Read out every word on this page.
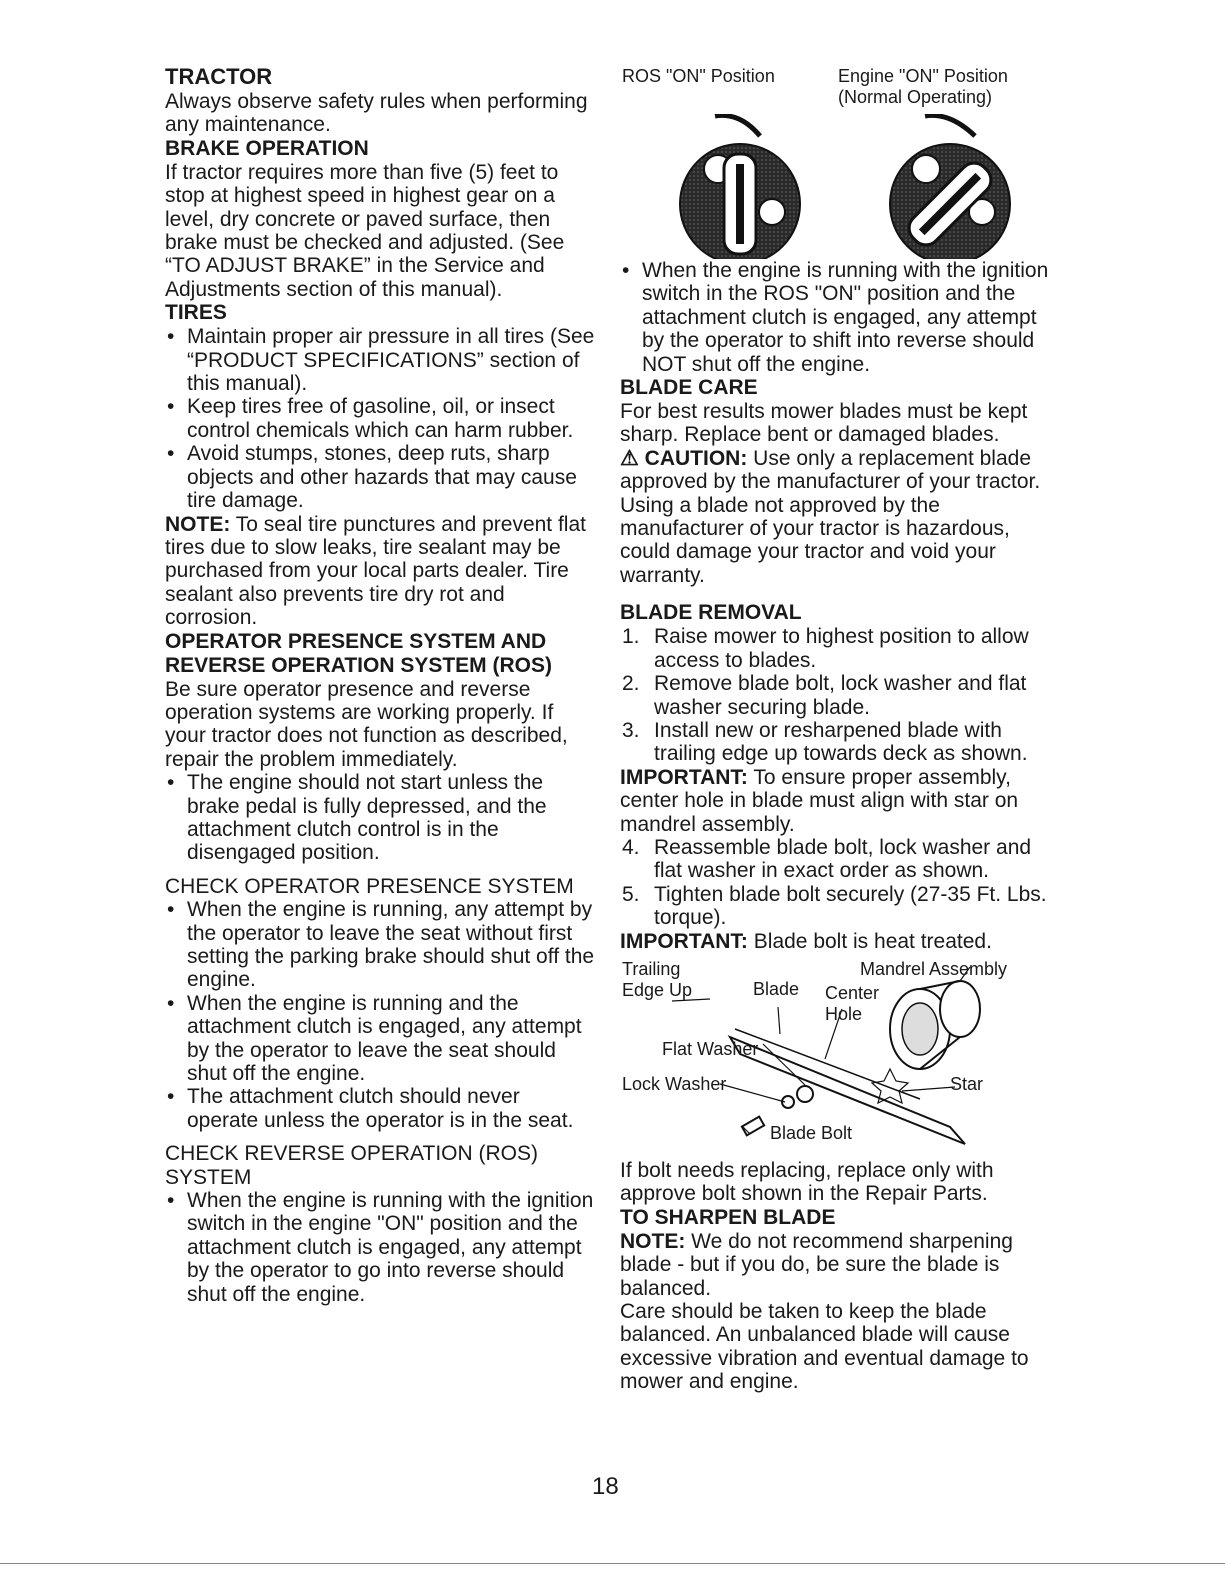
TRACTOR

Always observe safety rules when performing any maintenance.

BRAKE OPERATION

If tractor requires more than five (5) feet to stop at highest speed in highest gear on a level, dry concrete or paved surface, then brake must be checked and adjusted. (See “TO ADJUST BRAKE” in the Service and Adjustments section of this manual).

TIRES
• Maintain proper air pressure in all tires (See “PRODUCT SPECIFICATIONS” section of this manual).
• Keep tires free of gasoline, oil, or insect control chemicals which can harm rubber.
• Avoid stumps, stones, deep ruts, sharp objects and other hazards that may cause tire damage.

NOTE: To seal tire punctures and prevent flat tires due to slow leaks, tire sealant may be purchased from your local parts dealer. Tire sealant also prevents tire dry rot and corrosion.

OPERATOR PRESENCE SYSTEM AND REVERSE OPERATION SYSTEM (ROS)

Be sure operator presence and reverse operation systems are working properly. If your tractor does not function as described, repair the problem immediately.

• The engine should not start unless the brake pedal is fully depressed, and the attachment clutch control is in the disengaged position.

CHECK OPERATOR PRESENCE SYSTEM

• When the engine is running, any attempt by the operator to leave the seat without first setting the parking brake should shut off the engine.
• When the engine is running and the attachment clutch is engaged, any attempt by the operator to leave the seat should shut off the engine.
• The attachment clutch should never operate unless the operator is in the seat.

CHECK REVERSE OPERATION (ROS) SYSTEM

• When the engine is running with the ignition switch in the engine "ON" position and the attachment clutch is engaged, any attempt by the operator to go into reverse should shut off the engine.
ROS "ON" Position	Engine "ON" Position
(Normal Operating)
• When the engine is running with the ignition switch in the ROS "ON" position and the attachment clutch is engaged, any attempt by the operator to shift into reverse should NOT shut off the engine.
BLADE CARE

For best results mower blades must be kept sharp. Replace bent or damaged blades.

⚠︎ CAUTION: Use only a replacement blade approved by the manufacturer of your tractor. Using a blade not approved by the manufacturer of your tractor is hazardous, could damage your tractor and void your warranty.

BLADE REMOVAL
1. Raise mower to highest position to allow access to blades.
2. Remove blade bolt, lock washer and flat washer securing blade.
3. Install new or resharpened blade with trailing edge up towards deck as shown.

IMPORTANT: To ensure proper assembly, center hole in blade must align with star on mandrel assembly.

4. Reassemble blade bolt, lock washer and flat washer in exact order as shown.
5. Tighten blade bolt securely (27-35 Ft. Lbs. torque).

IMPORTANT: Blade bolt is heat treated.

Trailing
Edge Up	Blade
Mandrel Assembly
Center
Hole
Flat Washer
Lock Washer	Star
Blade Bolt

If bolt needs replacing, replace only with approve bolt shown in the Repair Parts.

TO SHARPEN BLADE

NOTE: We do not recommend sharpening blade - but if you do, be sure the blade is balanced.

Care should be taken to keep the blade balanced. An unbalanced blade will cause excessive vibration and eventual damage to mower and engine.

18
